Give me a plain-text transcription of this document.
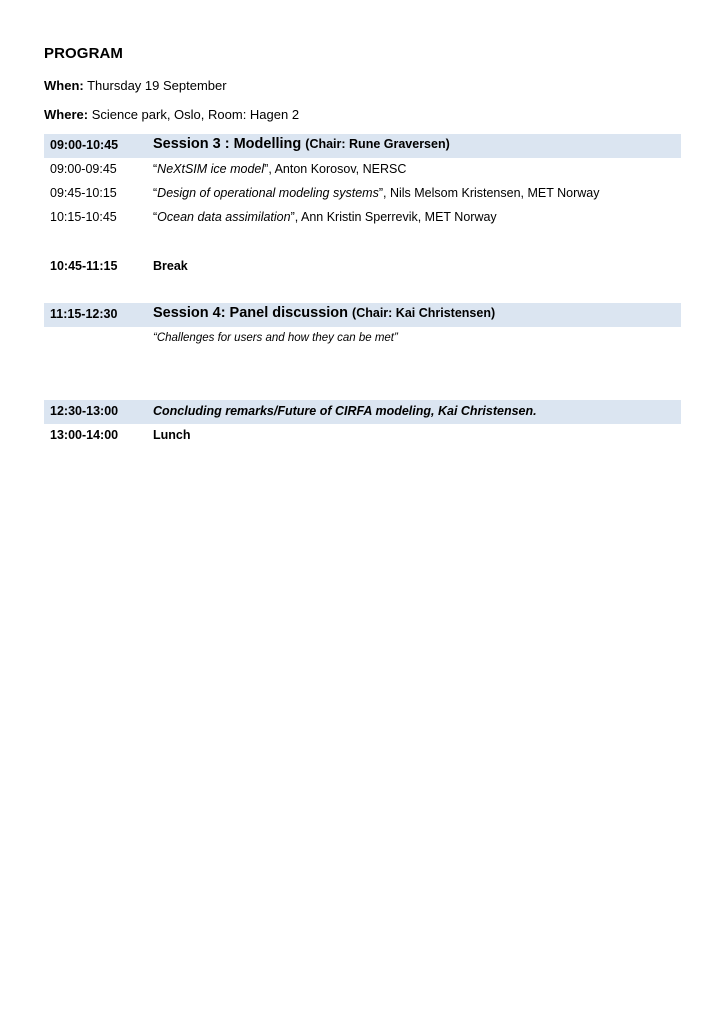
PROGRAM
When: Thursday 19 September
Where: Science park, Oslo, Room: Hagen 2
09:00-10:45 Session 3 : Modelling (Chair: Rune Graversen)
09:00-09:45	“NeXtSIM ice model”, Anton Korosov, NERSC
09:45-10:15	“Design of operational modeling systems”, Nils Melsom Kristensen, MET Norway
10:15-10:45	“Ocean data assimilation”, Ann Kristin Sperrevik, MET Norway
10:45-11:15	Break
11:15-12:30 Session 4: Panel discussion (Chair: Kai Christensen)
“Challenges for users and how they can be met”
12:30-13:00	Concluding remarks/Future of CIRFA modeling, Kai Christensen.
13:00-14:00	Lunch
